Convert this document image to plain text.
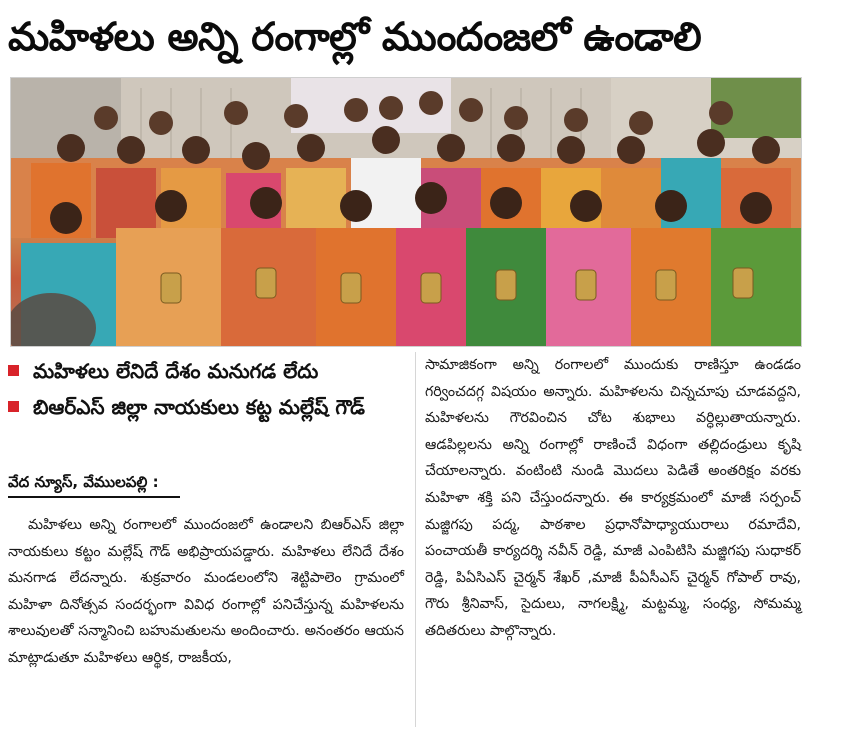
మహిళలు అన్ని రంగాల్లో ముందంజలో ఉండాలి
మహిళలు లేనిదే దేశం మనుగడ లేదు
బిఆర్ఎస్ జిల్లా నాయకులు కట్ట మల్లేష్ గౌడ్
వేద న్యూస్, వేములపల్లి :

మహిళలు అన్ని రంగాలలో ముందంజలో ఉండాలని బిఆర్ఎస్ జిల్లా నాయకులు కట్టం మల్లేష్ గౌడ్ అభిప్రాయపడ్డారు. మహిళలు లేనిదే దేశం మనగాడ లేదన్నారు. శుక్రవారం మండలంలోని శెట్టిపాలెం గ్రామంలో మహిళా దినోత్సవ సందర్భంగా వివిధ రంగాల్లో పనిచేస్తున్న మహిళలను శాలువులతో సన్మానించి బహుమతులను అందించారు. అనంతరం ఆయన మాట్లాడుతూ మహిళలు ఆర్థిక, రాజకీయ,

సామాజికంగా అన్ని రంగాలలో ముందుకు రాణిస్తూ ఉండడం గర్వించదగ్గ విషయం అన్నారు. మహిళలను చిన్నచూపు చూడవద్దని, మహిళలను గౌరవించిన చోట శుభాలు వర్ధిల్లుతాయన్నారు. ఆడపిల్లలను అన్ని రంగాల్లో రాణించే విధంగా తల్లిదండ్రులు కృషి చేయాలన్నారు. వంటింటి నుండి మొదలు పెడితే అంతరిక్షం వరకు మహిళా శక్తి పని చేస్తుందన్నారు. ఈ కార్యక్రమంలో మాజీ సర్పంచ్ మజ్జిగపు పద్మ, పాఠశాల ప్రధానోపాధ్యాయురాలు రమాదేవి, పంచాయతీ కార్యదర్శి నవీన్ రెడ్డి, మాజీ ఎంపిటిసి మజ్జిగపు సుధాకర్ రెడ్డి, పిఏసిఎస్ చైర్మన్ శేఖర్ ,మాజీ పీఏసీఎస్ చైర్మన్ గోపాల్ రావు, గౌరు శ్రీనివాస్, సైదులు, నాగలక్ష్మి, మట్టమ్మ, సంధ్య, సోమమ్మ తదితరులు పాల్గొన్నారు.
